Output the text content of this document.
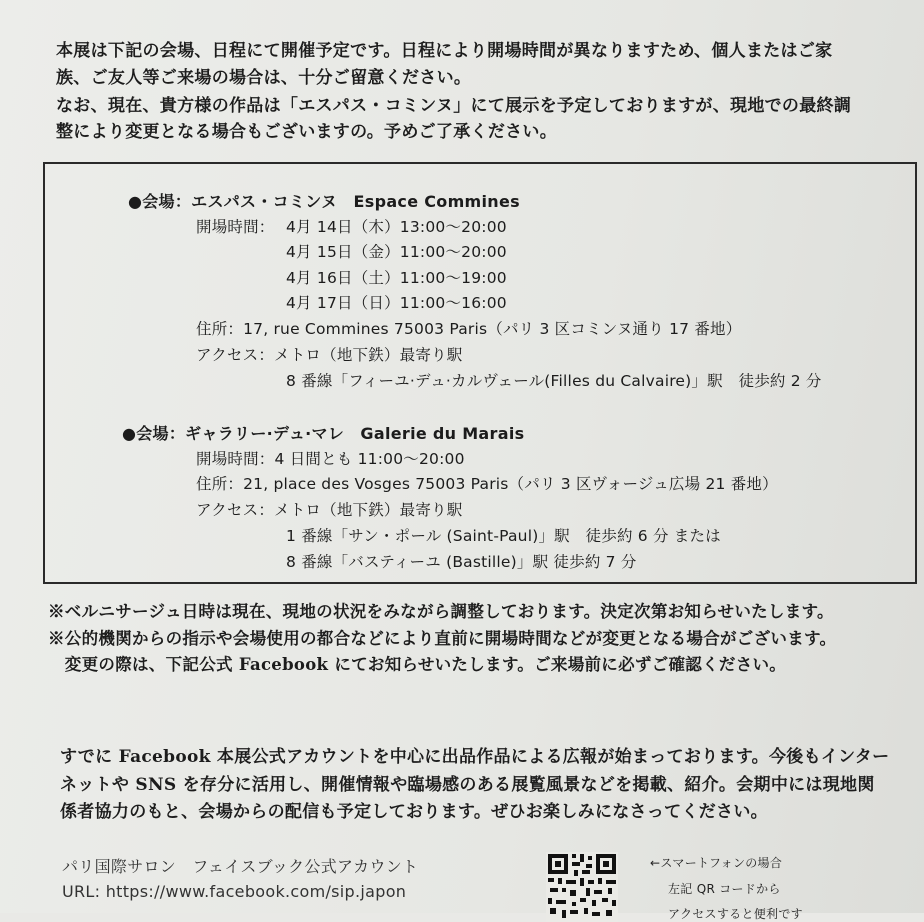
本展は下記の会場、日程にて開催予定です。日程により開場時間が異なりますため、個人またはご家
族、ご友人等ご来場の場合は、十分ご留意ください。
なお、現在、貴方様の作品は「エスパス・コミンヌ」にて展示を予定しておりますが、現地での最終調
整により変更となる場合もございますの。予めご了承ください。
●会場：エスパス・コミンヌ　Espace Commines
開場時間： 4月 14日（木）13:00〜20:00
4月 15日（金）11:00〜20:00
4月 16日（土）11:00〜19:00
4月 17日（日）11:00〜16:00
住所：17, rue Commines 75003 Paris（パリ 3 区コミンヌ通り 17 番地）
アクセス：メトロ（地下鉄）最寄り駅
8 番線「フィーユ·デュ·カルヴェール(Filles du Calvaire)」駅　徒歩約 2 分
●会場：ギャラリー·デュ·マレ　Galerie du Marais
開場時間：4 日間とも 11:00〜20:00
住所：21, place des Vosges 75003 Paris（パリ 3 区ヴォージュ広場 21 番地）
アクセス：メトロ（地下鉄）最寄り駅
1 番線「サン・ポール (Saint-Paul)」駅　徒歩約 6 分 または
8 番線「バスティーユ (Bastille)」駅 徒歩約 7 分
※ベルニサージュ日時は現在、現地の状況をみながら調整しております。決定次第お知らせいたします。
※公的機関からの指示や会場使用の都合などにより直前に開場時間などが変更となる場合がございます。
　変更の際は、下記公式 Facebook にてお知らせいたします。ご来場前に必ずご確認ください。
すでに Facebook 本展公式アカウントを中心に出品作品による広報が始まっております。今後もインター
ネットや SNS を存分に活用し、開催情報や臨場感のある展覧風景などを掲載、紹介。会期中には現地関
係者協力のもと、会場からの配信も予定しております。ぜひお楽しみになさってください。
パリ国際サロン　フェイスブック公式アカウント
URL: https://www.facebook.com/sip.japon
←スマートフォンの場合
左記 QR コードから
アクセスすると便利です
